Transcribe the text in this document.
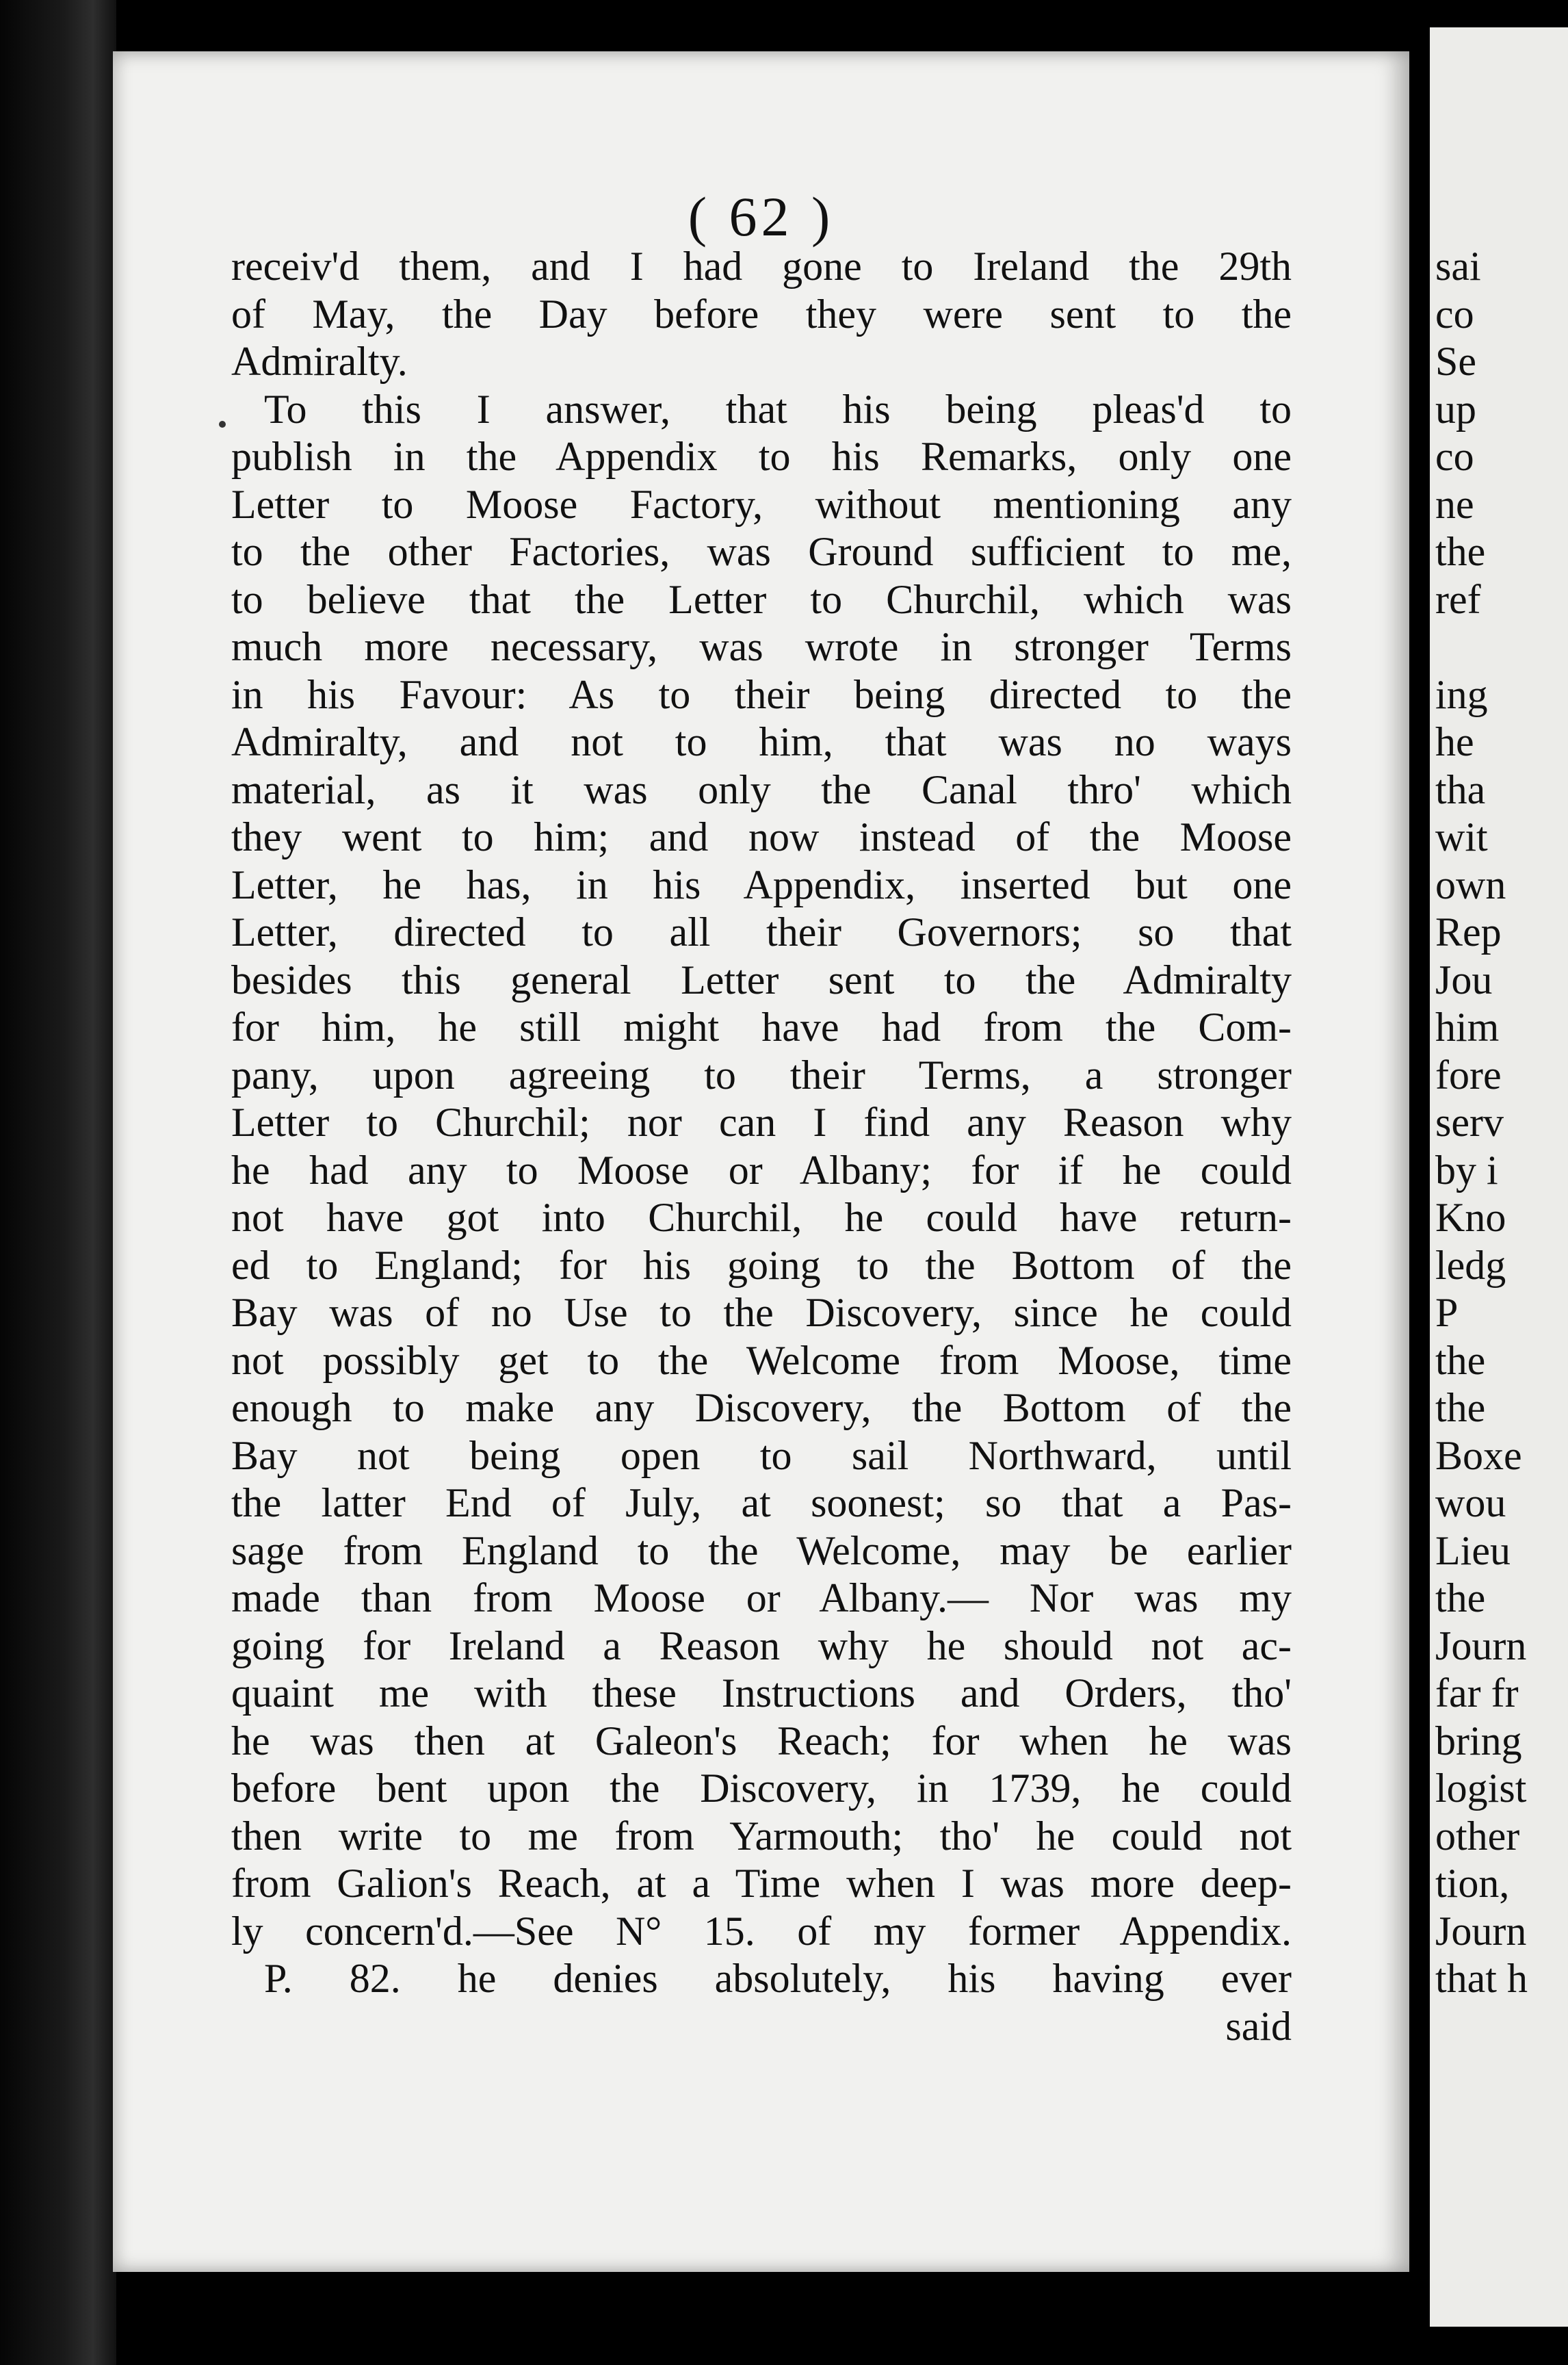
( 62 )
receiv'd them, and I had gone to Ireland the 29th
of May, the Day before they were sent to the
Admiralty.
To this I answer, that his being pleas'd to
publish in the Appendix to his Remarks, only one
Letter to Moose Factory, without mentioning any
to the other Factories, was Ground sufficient to me,
to believe that the Letter to Churchil, which was
much more necessary, was wrote in stronger Terms
in his Favour: As to their being directed to the
Admiralty, and not to him, that was no ways
material, as it was only the Canal thro' which
they went to him; and now instead of the Moose
Letter, he has, in his Appendix, inserted but one
Letter, directed to all their Governors; so that
besides this general Letter sent to the Admiralty
for him, he still might have had from the Com-
pany, upon agreeing to their Terms, a stronger
Letter to Churchil; nor can I find any Reason why
he had any to Moose or Albany; for if he could
not have got into Churchil, he could have return-
ed to England; for his going to the Bottom of the
Bay was of no Use to the Discovery, since he could
not possibly get to the Welcome from Moose, time
enough to make any Discovery, the Bottom of the
Bay not being open to sail Northward, until
the latter End of July, at soonest; so that a Pas-
sage from England to the Welcome, may be earlier
made than from Moose or Albany.— Nor was my
going for Ireland a Reason why he should not ac-
quaint me with these Instructions and Orders, tho'
he was then at Galeon's Reach; for when he was
before bent upon the Discovery, in 1739, he could
then write to me from Yarmouth; tho' he could not
from Galion's Reach, at a Time when I was more deep-
ly concern'd.—See N° 15. of my former Appendix.
P. 82. he denies absolutely, his having ever
said
sai
co
Se
up
co
ne
the
ref
ing
he
tha
wit
own
Rep
Jou
him
fore
serv
by i
Kno
ledg
P
the
the
Boxe
wou
Lieu
the
Journ
far fr
bring
logist
other
tion,
Journ
that h
